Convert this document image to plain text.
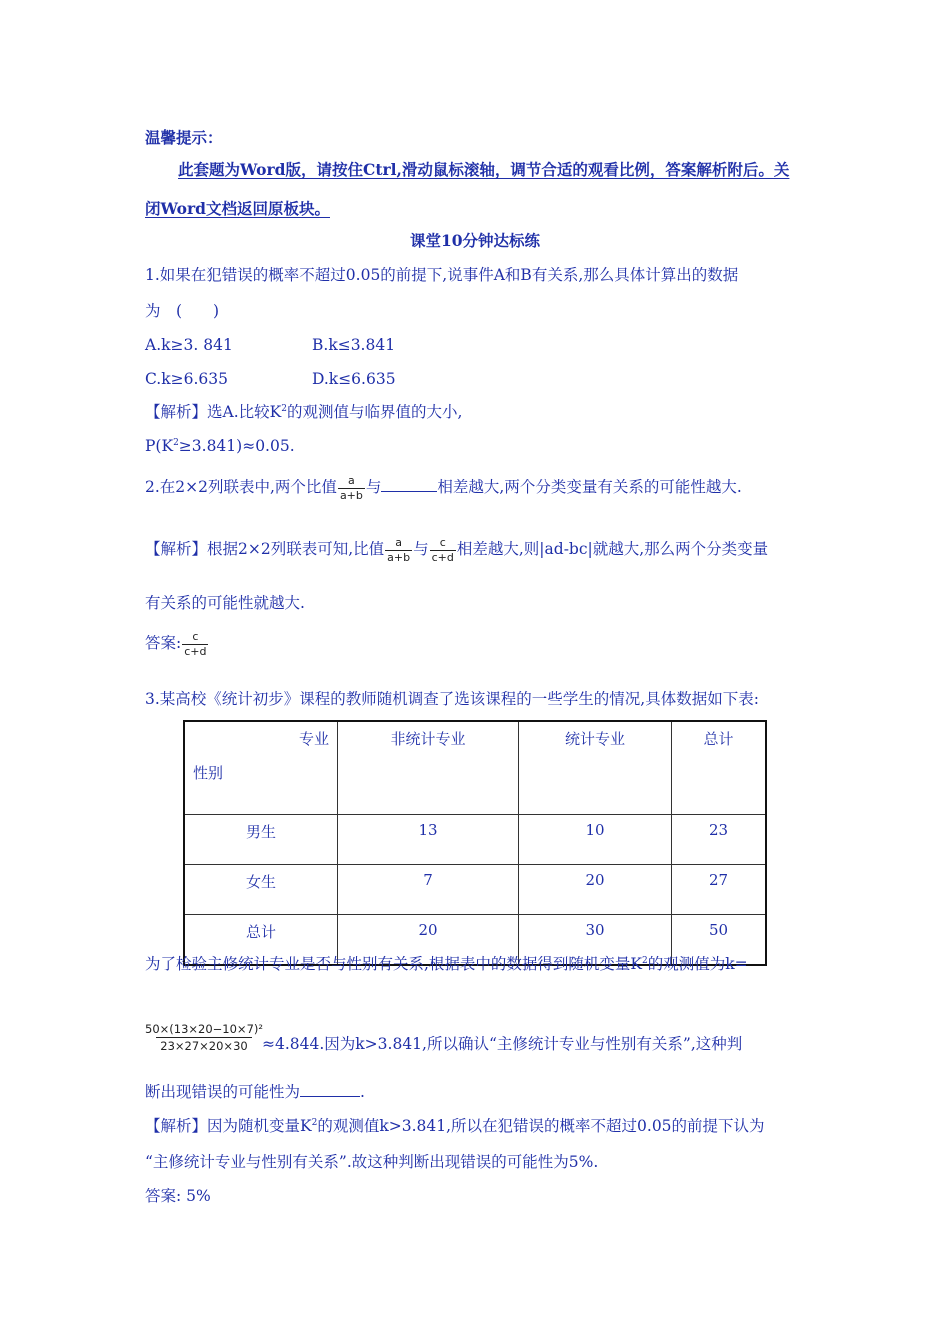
温馨提示：
此套题为Word版，请按住Ctrl,滑动鼠标滚轴，调节合适的观看比例，答案解析附后。关
闭Word文档返回原板块。
课堂10分钟达标练
1.如果在犯错误的概率不超过0.05的前提下,说事件A和B有关系,那么具体计算出的数据
为　(　　)
A.k≥3. 841	B.k≤3.841
C.k≥6.635	D.k≤6.635
【解析】选A.比较$K^2$的观测值与临界值的大小,
$P(K^2\ge 3.841)\approx 0.05$.
2.在2×2列联表中,两个比值 $\frac{a}{a+b}$ 与	相差越大,两个分类变量有关系的可能性越大.
【解析】根据2×2列联表可知,比值 $\frac{a}{a+b}$ 与 $\frac{c}{c+d}$ 相差越大,则|ad-bc|就越大,那么两个分类变量
有关系的可能性就越大.
答案: $\frac{c}{c+d}$
3.某高校《统计初步》课程的教师随机调查了选该课程的一些学生的情况,具体数据如下表:
专业
性别	非统计专业	统计专业	总计
男生	13	10	23
女生	7	20	27
总计	20	30	50
为了检验主修统计专业是否与性别有关系,根据表中的数据得到随机变量$K^2$的观测值为k=
$\frac{\text{50×(13×20−10×7)²}}{23\times 27\times 20\times 30}$
≈4.844.因为k>3.841,所以确认“主修统计专业与性别有关系”,这种判
断出现错误的可能性为	.
【解析】因为随机变量$K^2$的观测值k>3.841,所以在犯错误的概率不超过0.05的前提下认为
“主修统计专业与性别有关系”.故这种判断出现错误的可能性为5%.
答案: 5%
